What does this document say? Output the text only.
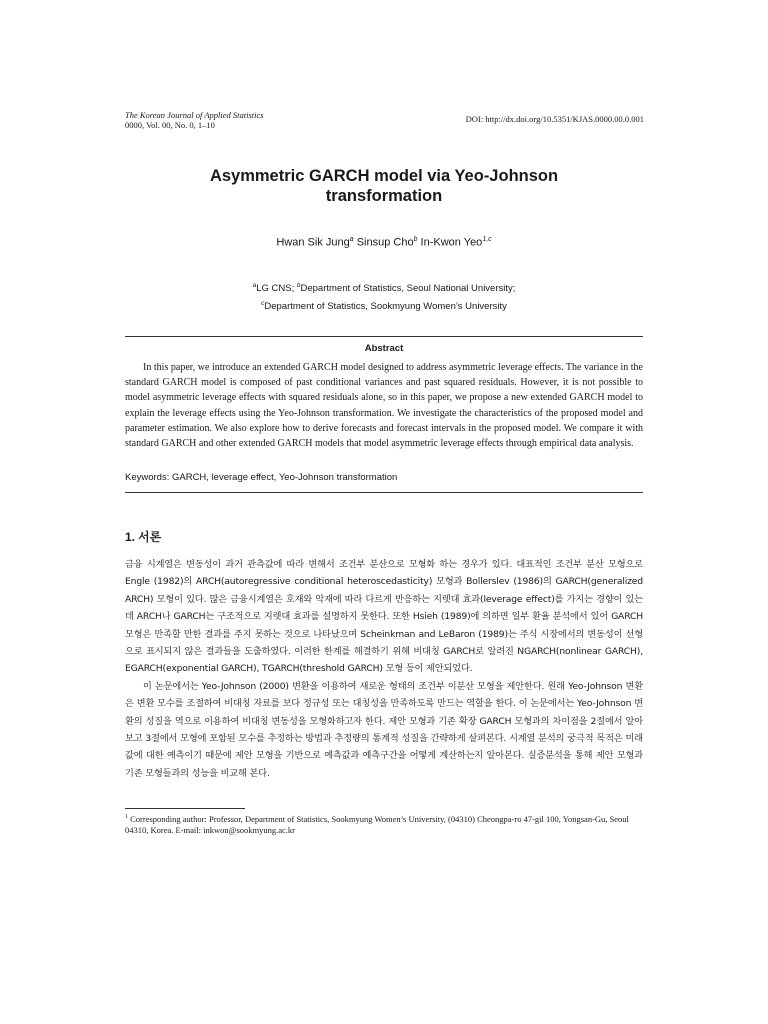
The Korean Journal of Applied Statistics
0000, Vol. 00, No. 0, 1–10
DOI: http://dx.doi.org/10.5351/KJAS.0000.00.0.001
Asymmetric GARCH model via Yeo-Johnson
transformation
Hwan Sik Jung$^a$ Sinsup Cho$^b$ In-Kwon Yeo$^{1,c}$
$^a$LG CNS; $^b$Department of Statistics, Seoul National University;
$^c$Department of Statistics, Sookmyung Women’s University
Abstract
In this paper, we introduce an extended GARCH model designed to address asymmetric leverage effects. The variance in the standard GARCH model is composed of past conditional variances and past squared residuals. However, it is not possible to model asymmetric leverage effects with squared residuals alone, so in this paper, we propose a new extended GARCH model to explain the leverage effects using the Yeo-Johnson transformation. We investigate the characteristics of the proposed model and parameter estimation. We also explore how to derive forecasts and forecast intervals in the proposed model. We compare it with standard GARCH and other extended GARCH models that model asymmetric leverage effects through empirical data analysis.
Keywords: GARCH, leverage effect, Yeo-Johnson transformation
1. 서론

금융 시계열은 변동성이 과거 관측값에 따라 변해서 조건부 분산으로 모형화 하는 경우가 있다. 대표적인 조건부 분산 모형으로 Engle (1982)의 ARCH(autoregressive conditional heteroscedasticity) 모형과 Bollerslev (1986)의 GARCH(generalized ARCH) 모형이 있다. 많은 금융시계열은 호재와 악재에 따라 다르게 반응하는 지렛대 효과(leverage effect)를 가지는 경향이 있는데 ARCH나 GARCH는 구조적으로 지렛대 효과를 설명하지 못한다. 또한 Hsieh (1989)에 의하면 일부 환율 분석에서 있어 GARCH 모형은 만족할 만한 결과를 주지 못하는 것으로 나타났으며 Scheinkman and LeBaron (1989)는 주식 시장에서의 변동성이 선형으로 표시되지 않은 결과들을 도출하였다. 이러한 한계를 해결하기 위해 비대칭 GARCH로 알려진 NGARCH(nonlinear GARCH), EGARCH(exponential GARCH), TGARCH(threshold GARCH) 모형 등이 제안되었다.

이 논문에서는 Yeo-Johnson (2000) 변환을 이용하여 새로운 형태의 조건부 이분산 모형을 제안한다. 원래 Yeo-Johnson 변환은 변환 모수를 조절하여 비대칭 자료를 보다 정규성 또는 대칭성을 만족하도록 만드는 역할을 한다. 이 논문에서는 Yeo-Johnson 변환의 성질을 역으로 이용하여 비대칭 변동성을 모형화하고자 한다. 제안 모형과 기존 확장 GARCH 모형과의 차이점을 2절에서 알아보고 3절에서 모형에 포함된 모수를 추정하는 방법과 추정량의 통계적 성질을 간략하게 살펴본다. 시계열 분석의 궁극적 목적은 미래 값에 대한 예측이기 때문에 제안 모형을 기반으로 예측값과 예측구간을 어떻게 계산하는지 알아본다. 실증분석을 통해 제안 모형과 기존 모형들과의 성능을 비교해 본다.

$^1$ Corresponding author: Professor, Department of Statistics, Sookmyung Women’s University, (04310) Cheongpa-ro 47-gil 100, Yongsan-Gu, Seoul 04310, Korea. E-mail: inkwon@sookmyung.ac.kr
